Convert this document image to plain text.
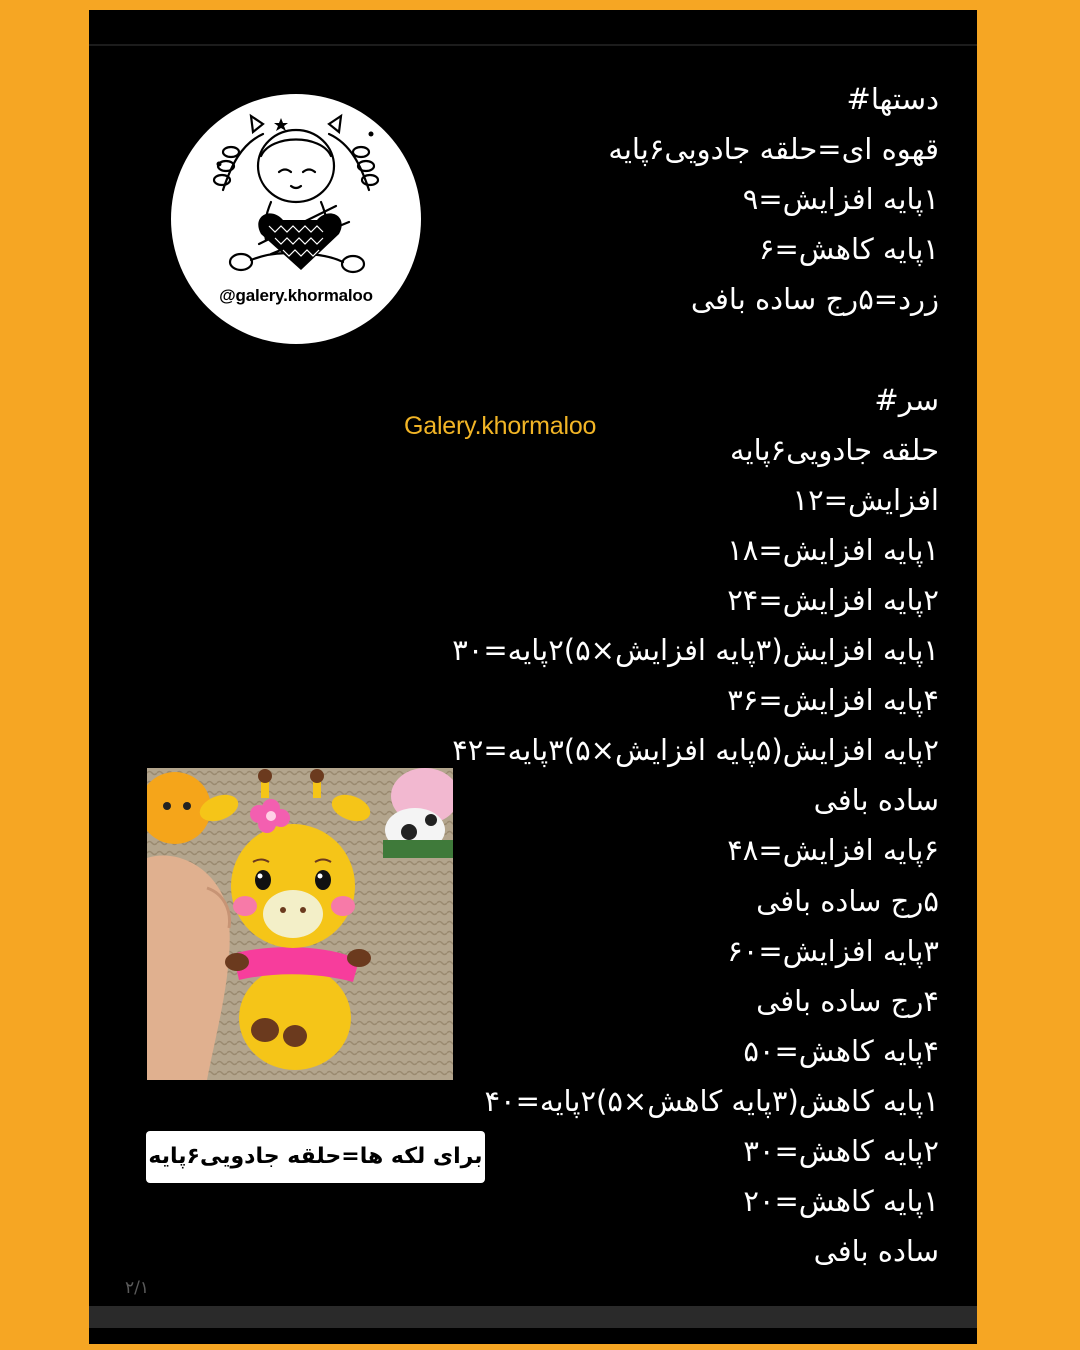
@galery.khormaloo
Galery.khormaloo
دستها#
قهوه ای=حلقه جادویی۶پایه
۱پایه افزایش=۹
۱پایه کاهش=۶
زرد=۵رج ساده بافی
سر#
حلقه جادویی۶پایه
افزایش=۱۲
۱پایه افزایش=۱۸
۲پایه افزایش=۲۴
۱پایه افزایش(۳پایه افزایش×۵)۲پایه=۳۰
۴پایه افزایش=۳۶
۲پایه افزایش(۵پایه افزایش×۵)۳پایه=۴۲
ساده بافی
۶پایه افزایش=۴۸
۵رج ساده بافی
۳پایه افزایش=۶۰
۴رج ساده بافی
۴پایه کاهش=۵۰
۱پایه کاهش(۳پایه کاهش×۵)۲پایه=۴۰
۲پایه کاهش=۳۰
۱پایه کاهش=۲۰
ساده بافی
برای لکه ها=حلقه جادویی۶پایه
۲/۱
